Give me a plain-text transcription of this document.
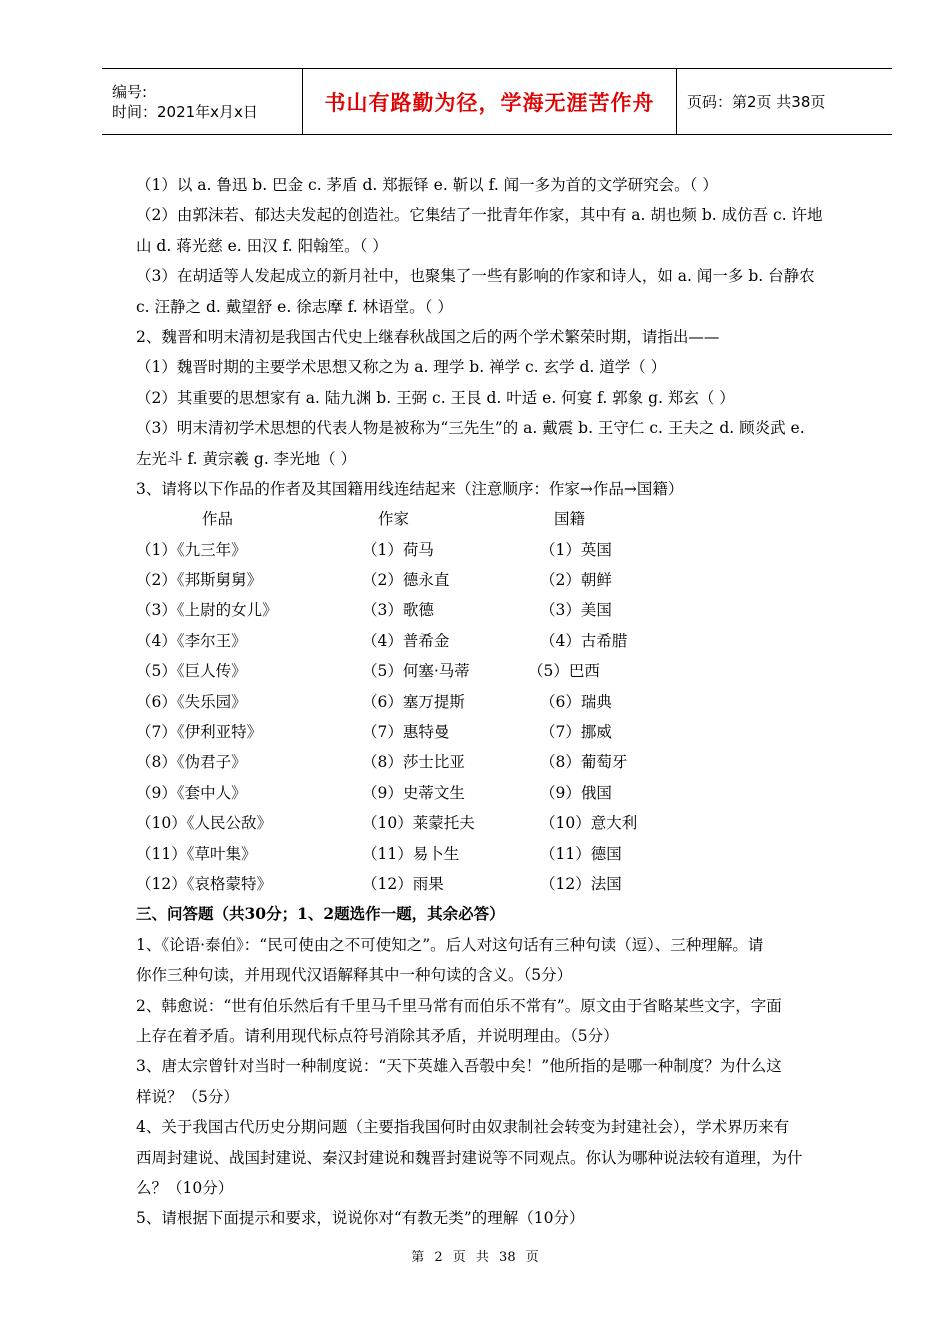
编号:
时间：2021年x月x日	书山有路勤为径，学海无涯苦作舟 页码：第2页 共38页
（1）以 a. 鲁迅 b. 巴金 c. 茅盾 d. 郑振铎 e. 靳以 f. 闻一多为首的文学研究会。（ ）
（2）由郭沫若、郁达夫发起的创造社。它集结了一批青年作家，其中有 a. 胡也频 b. 成仿吾 c. 许地
山 d. 蒋光慈 e. 田汉 f. 阳翰笙。（ ）
（3）在胡适等人发起成立的新月社中，也聚集了一些有影响的作家和诗人，如 a. 闻一多 b. 台静农
c. 汪静之 d. 戴望舒 e. 徐志摩 f. 林语堂。（ ）
2、魏晋和明末清初是我国古代史上继春秋战国之后的两个学术繁荣时期，请指出——
（1）魏晋时期的主要学术思想又称之为 a. 理学 b. 禅学 c. 玄学 d. 道学（ ）
（2）其重要的思想家有 a. 陆九渊 b. 王弼 c. 王艮 d. 叶适 e. 何宴 f. 郭象 g. 郑玄（ ）
（3）明末清初学术思想的代表人物是被称为“三先生”的 a. 戴震 b. 王守仁 c. 王夫之 d. 顾炎武 e.
左光斗 f. 黄宗羲 g. 李光地（ ）
3、请将以下作品的作者及其国籍用线连结起来（注意顺序：作家→作品→国籍）
作品	作家	国籍
（1）《九三年》	（1）荷马	（1）英国
（2）《邦斯舅舅》	（2）德永直	（2）朝鲜
（3）《上尉的女儿》	（3）歌德	（3）美国
（4）《李尔王》	（4）普希金	（4）古希腊
（5）《巨人传》	（5）何塞·马蒂	（5）巴西
（6）《失乐园》	（6）塞万提斯	（6）瑞典
（7）《伊利亚特》	（7）惠特曼	（7）挪威
（8）《伪君子》	（8）莎士比亚	（8）葡萄牙
（9）《套中人》	（9）史蒂文生	（9）俄国
（10）《人民公敌》	（10）莱蒙托夫	（10）意大利
（11）《草叶集》	（11）易卜生	（11）德国
（12）《哀格蒙特》	（12）雨果	（12）法国
三、问答题（共30分；1、2题选作一题，其余必答）
1、《论语·泰伯》：“民可使由之不可使知之”。后人对这句话有三种句读（逗）、三种理解。请
你作三种句读，并用现代汉语解释其中一种句读的含义。（5分）
2、韩愈说：“世有伯乐然后有千里马千里马常有而伯乐不常有”。原文由于省略某些文字，字面
上存在着矛盾。请利用现代标点符号消除其矛盾，并说明理由。（5分）
3、唐太宗曾针对当时一种制度说：“天下英雄入吾彀中矣！”他所指的是哪一种制度？为什么这
样说？（5分）
4、关于我国古代历史分期问题（主要指我国何时由奴隶制社会转变为封建社会），学术界历来有
西周封建说、战国封建说、秦汉封建说和魏晋封建说等不同观点。你认为哪种说法较有道理，为什
么？（10分）
5、请根据下面提示和要求，说说你对“有教无类”的理解（10分）
第 2 页 共 38 页
